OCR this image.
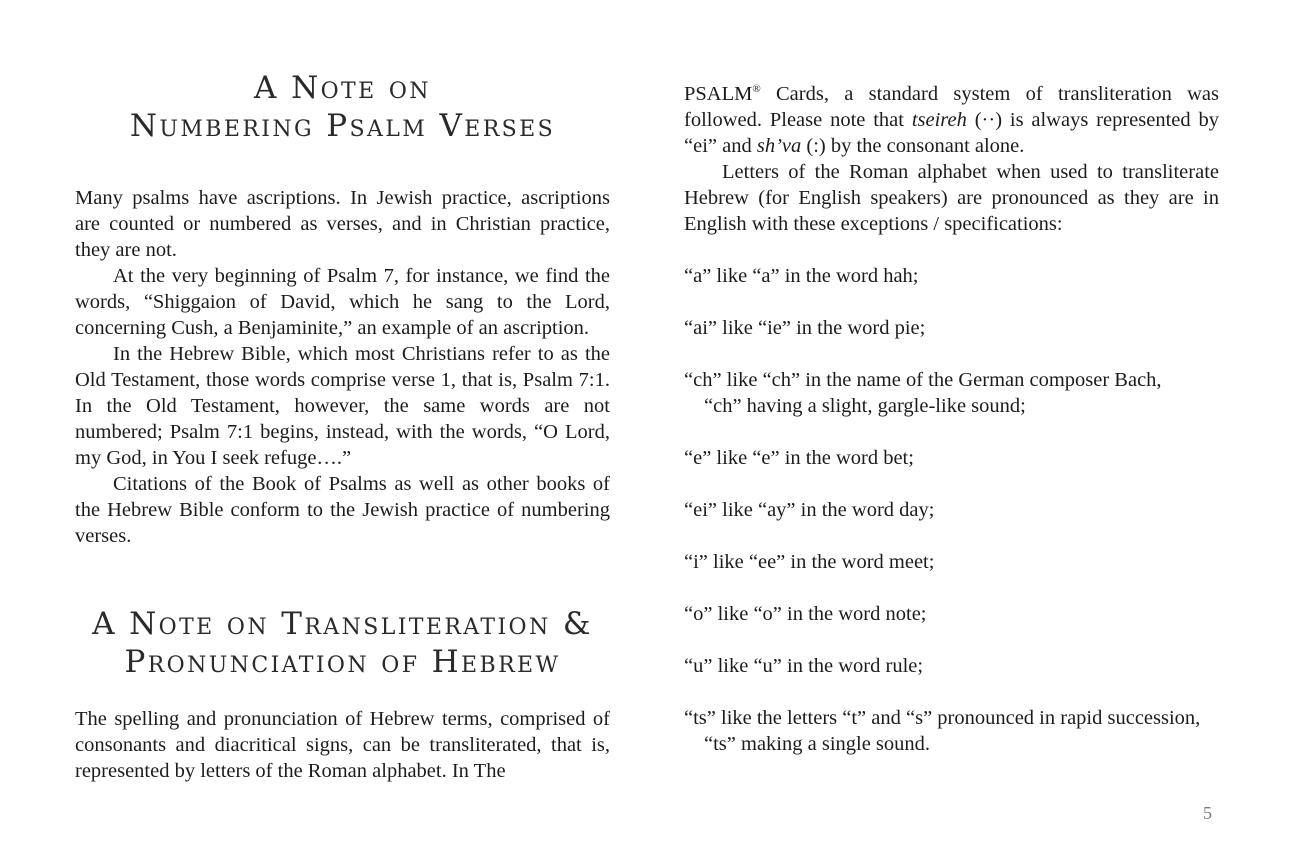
A Note on
Numbering Psalm Verses

Many psalms have ascriptions. In Jewish practice, ascriptions are counted or numbered as verses, and in Christian practice, they are not.

At the very beginning of Psalm 7, for instance, we find the words, “Shiggaion of David, which he sang to the Lord, concerning Cush, a Benjaminite,” an example of an ascription.

In the Hebrew Bible, which most Christians refer to as the Old Testament, those words comprise verse 1, that is, Psalm 7:1. In the Old Testament, however, the same words are not numbered; Psalm 7:1 begins, instead, with the words, “O Lord, my God, in You I seek refuge….”

Citations of the Book of Psalms as well as other books of the Hebrew Bible conform to the Jewish practice of numbering verses.

A Note on Transliteration &
Pronunciation of Hebrew

The spelling and pronunciation of Hebrew terms, comprised of consonants and diacritical signs, can be transliterated, that is, represented by letters of the Roman alphabet. In The

PSALM® Cards, a standard system of transliteration was followed. Please note that tseireh (··) is always represented by “ei” and sh’va (:) by the consonant alone.

Letters of the Roman alphabet when used to transliterate Hebrew (for English speakers) are pronounced as they are in English with these exceptions / specifications:

“a” like “a” in the word hah;

“ai” like “ie” in the word pie;

“ch” like “ch” in the name of the German composer Bach,
“ch” having a slight, gargle-like sound;

“e” like “e” in the word bet;

“ei” like “ay” in the word day;

“i” like “ee” in the word meet;

“o” like “o” in the word note;

“u” like “u” in the word rule;

“ts” like the letters “t” and “s” pronounced in rapid succession,
“ts” making a single sound.

5
